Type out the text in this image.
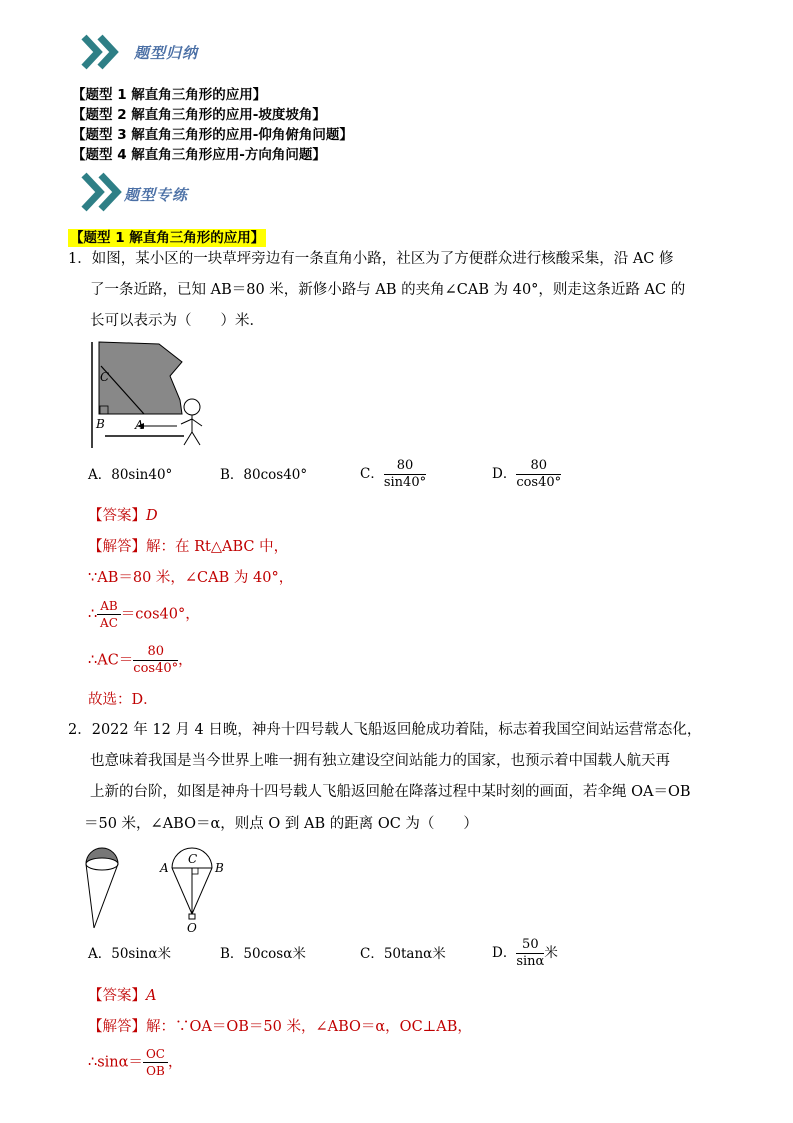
题型归纳
【题型 1 解直角三角形的应用】
【题型 2 解直角三角形的应用-坡度坡角】
【题型 3 解直角三角形的应用-仰角俯角问题】
【题型 4 解直角三角形应用-方向角问题】
题型专练
【题型 1 解直角三角形的应用】
1．如图，某小区的一块草坪旁边有一条直角小路，社区为了方便群众进行核酸采集，沿 AC 修
了一条近路，已知 AB＝80 米，新修小路与 AB 的夹角∠CAB 为 40°，则走这条近路 AC 的
长可以表示为（　　）米．
C
B	A
A．80sin40°	B．80cos40°	C． $\frac{80}{\sin 40^\circ}$	D． $\frac{80}{\cos 40^\circ}$
【答案】D
【解答】解：在 Rt△ABC 中，
∵AB＝80 米，∠CAB 为 40°，
∴ $\frac{AB}{AC} =\cos 40^\circ$，
∴AC＝ $\frac{80}{\cos 40^\circ}$ ，
故选：D．
2．2022 年 12 月 4 日晚，神舟十四号载人飞船返回舱成功着陆，标志着我国空间站运营常态化，
也意味着我国是当今世界上唯一拥有独立建设空间站能力的国家，也预示着中国载人航天再
上新的台阶，如图是神舟十四号载人飞船返回舱在降落过程中某时刻的画面，若伞绳 OA＝OB
＝50 米，∠ABO＝α，则点 O 到 AB 的距离 OC 为（　　）
A	B
C
O
A．50sinα米	B．50cosα米	C．50tanα米	D． $\frac{50}{\sin\alpha}$ 米
【答案】A
【解答】解：∵OA＝OB＝50 米，∠ABO＝α，OC⊥AB，
∴sinα＝ $\frac{OC}{OB}$ ，
